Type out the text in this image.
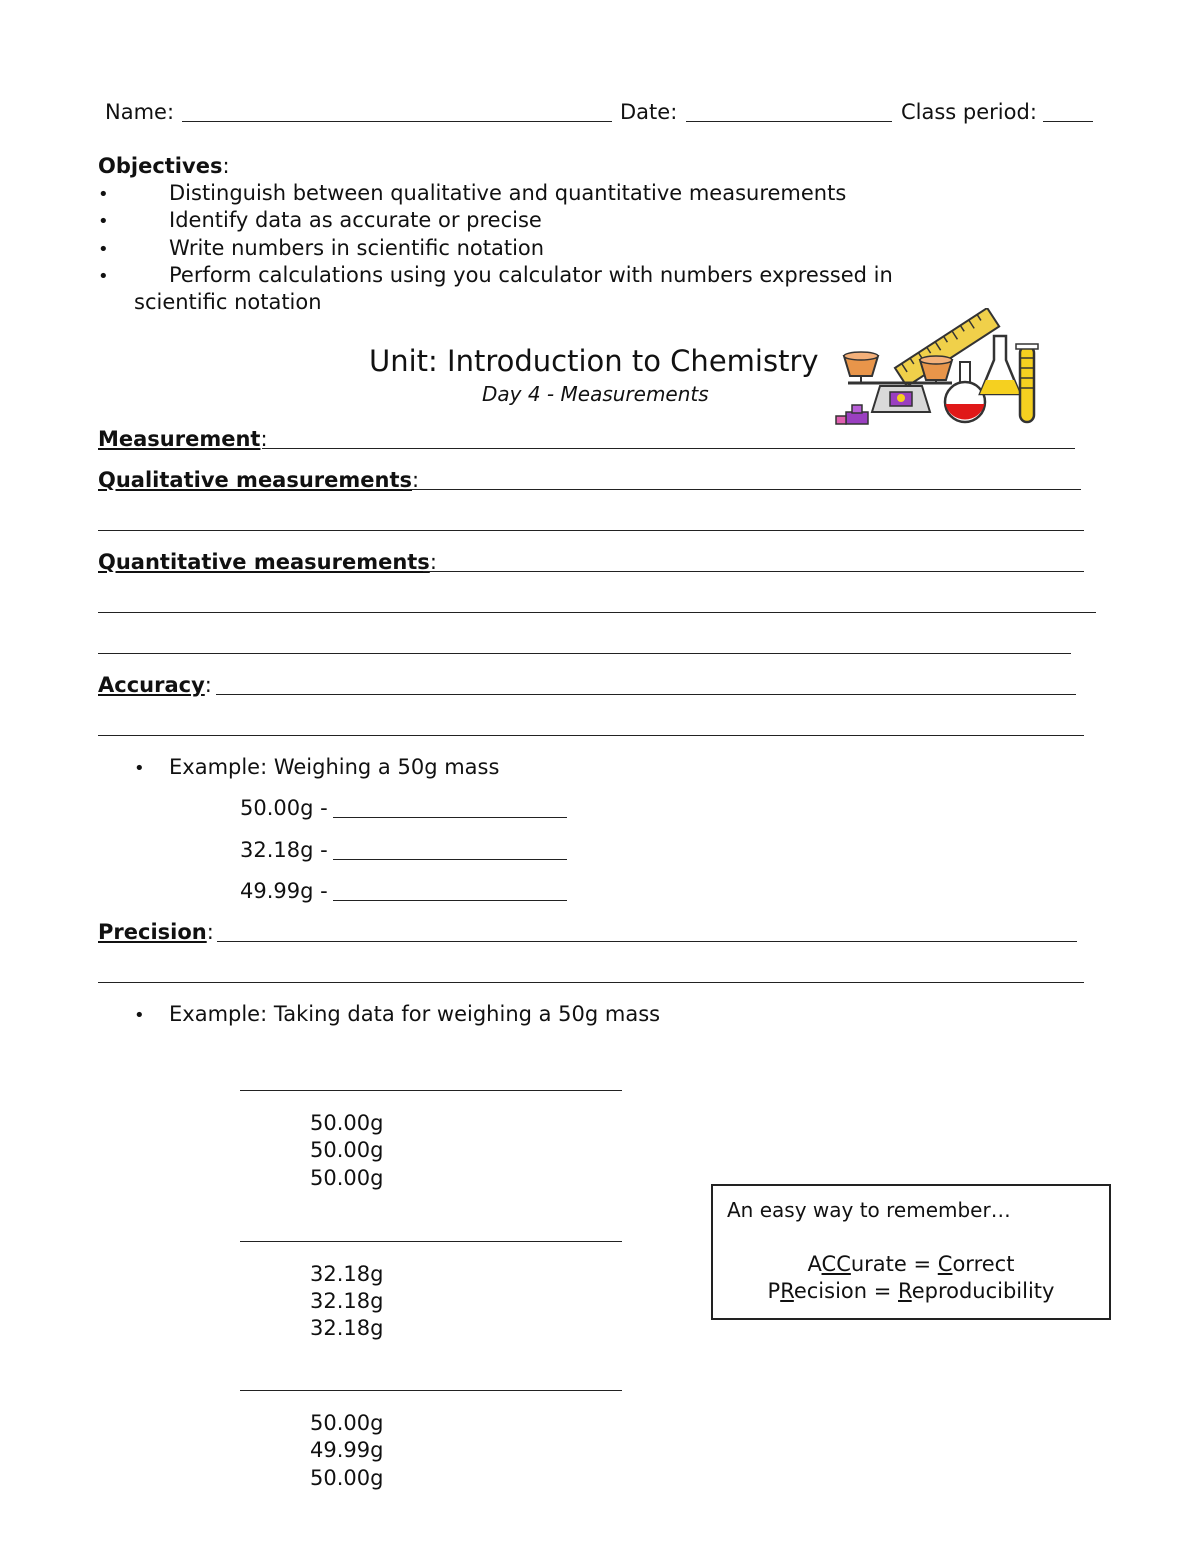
Name:	Date:	Class period:
Objectives:
•	Distinguish between qualitative and quantitative measurements
•	Identify data as accurate or precise
•	Write numbers in scientific notation
•	Perform calculations using you calculator with numbers expressed in
scientific notation
Unit: Introduction to Chemistry
Day 4 - Measurements
Measurement:
Qualitative measurements:
Quantitative measurements:
Accuracy:
• Example: Weighing a 50g mass
50.00g -
32.18g -
49.99g -
Precision:
• Example: Taking data for weighing a 50g mass
50.00g
50.00g
50.00g
32.18g
32.18g
32.18g
50.00g
49.99g
50.00g
An easy way to remember…
ACCurate = Correct
PRecision = Reproducibility
